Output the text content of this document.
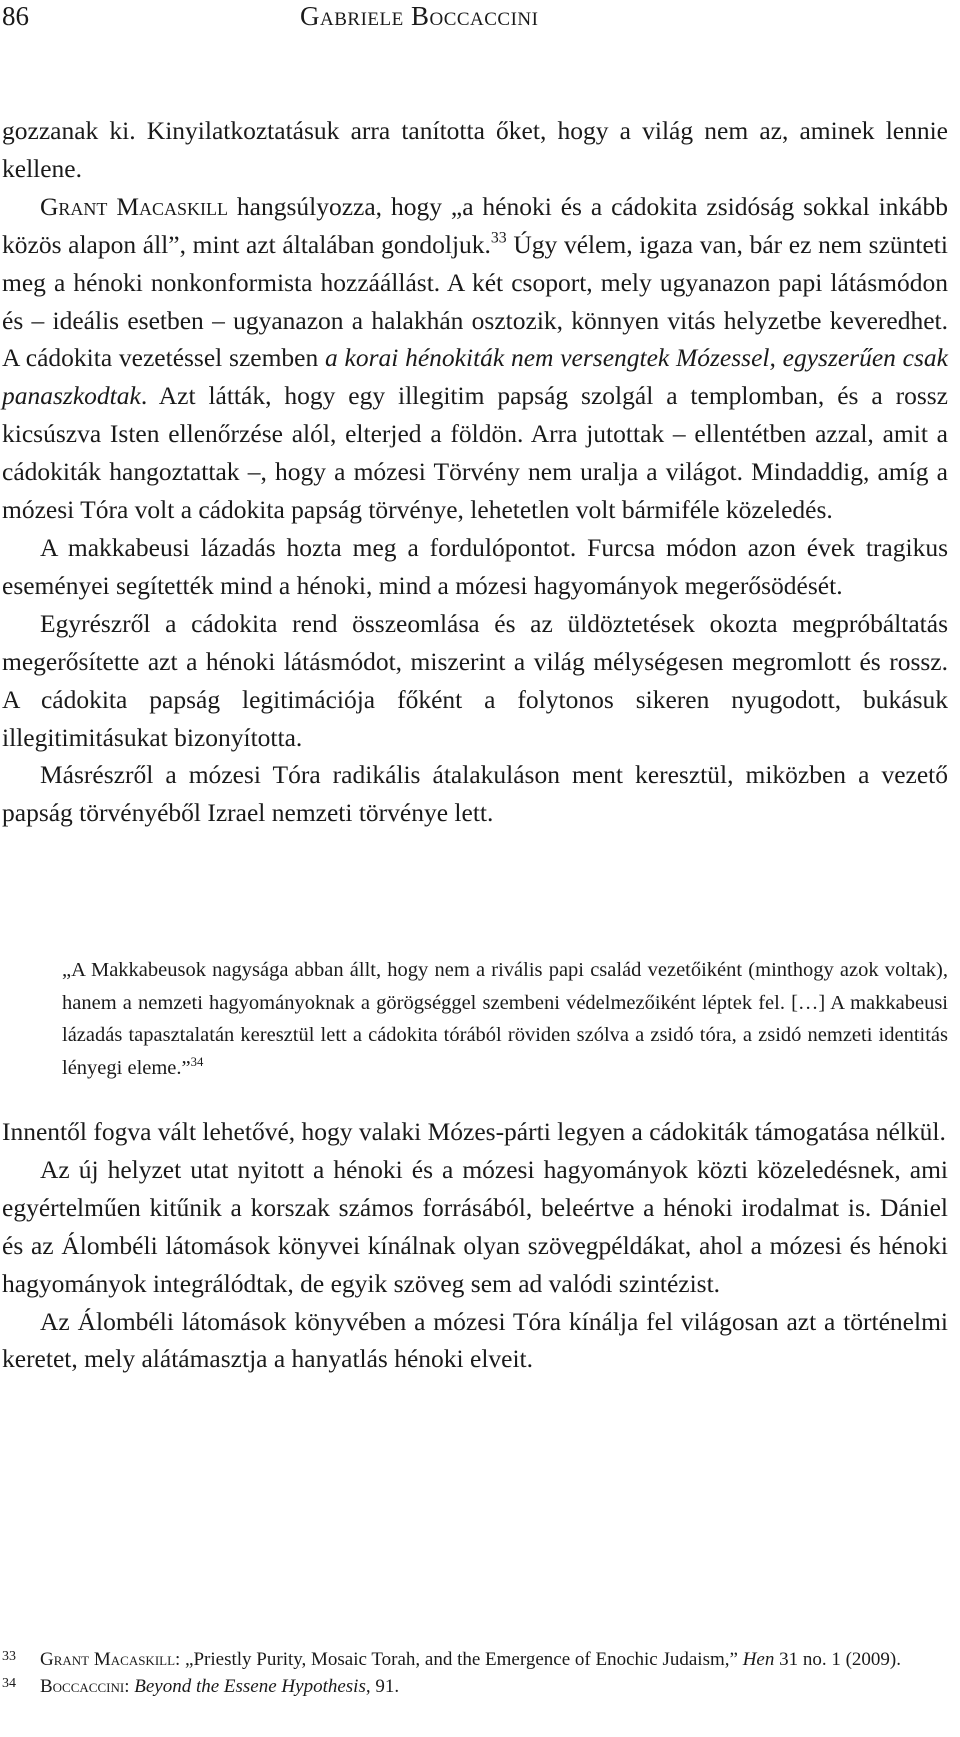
86	Gabriele Boccaccini

gozzanak ki. Kinyilatkoztatásuk arra tanította őket, hogy a világ nem az, aminek lennie kellene.

Grant Macaskill hangsúlyozza, hogy „a hénoki és a cádokita zsidóság sokkal inkább közös alapon áll”, mint azt általában gondoljuk.$^{33}$ Úgy vélem, igaza van, bár ez nem szünteti meg a hénoki nonkonformista hozzáállást. A két csoport, mely ugyanazon papi látásmódon és – ideális esetben – ugyanazon a halakhán osztozik, könnyen vitás helyzetbe keveredhet. A cádokita vezetéssel szemben a korai hénokiták nem versengtek Mózessel, egyszerűen csak panaszkodtak. Azt látták, hogy egy illegitim papság szolgál a templomban, és a rossz kicsúszva Isten ellenőrzése alól, elterjed a földön. Arra jutottak – ellentétben azzal, amit a cádokiták hangoztattak –, hogy a mózesi Törvény nem uralja a világot. Mindaddig, amíg a mózesi Tóra volt a cádokita papság törvénye, lehetetlen volt bármiféle közeledés.

A makkabeusi lázadás hozta meg a fordulópontot. Furcsa módon azon évek tragikus eseményei segítették mind a hénoki, mind a mózesi hagyományok megerősödését.

Egyrészről a cádokita rend összeomlása és az üldöztetések okozta megpróbáltatás megerősítette azt a hénoki látásmódot, miszerint a világ mélységesen megromlott és rossz. A cádokita papság legitimációja főként a folytonos sikeren nyugodott, bukásuk illegitimitásukat bizonyította.

Másrészről a mózesi Tóra radikális átalakuláson ment keresztül, miközben a vezető papság törvényéből Izrael nemzeti törvénye lett.

„A Makkabeusok nagysága abban állt, hogy nem a rivális papi család vezetőiként (minthogy azok voltak), hanem a nemzeti hagyományoknak a görögséggel szembeni védelmezőiként léptek fel. […] A makkabeusi lázadás tapasztalatán keresztül lett a cádokita tórából röviden szólva a zsidó tóra, a zsidó nemzeti identitás lényegi eleme.”$^{34}$

Innentől fogva vált lehetővé, hogy valaki Mózes-párti legyen a cádokiták támogatása nélkül.

Az új helyzet utat nyitott a hénoki és a mózesi hagyományok közti közeledésnek, ami egyértelműen kitűnik a korszak számos forrásából, beleértve a hénoki irodalmat is. Dániel és az Álombéli látomások könyvei kínálnak olyan szövegpéldákat, ahol a mózesi és hénoki hagyományok integrálódtak, de egyik szöveg sem ad valódi szintézist.

Az Álombéli látomások könyvében a mózesi Tóra kínálja fel világosan azt a történelmi keretet, mely alátámasztja a hanyatlás hénoki elveit.

33 Grant Macaskill: „Priestly Purity, Mosaic Torah, and the Emergence of Enochic Judaism,” Hen 31 no. 1 (2009).

34 Boccaccini: Beyond the Essene Hypothesis, 91.
